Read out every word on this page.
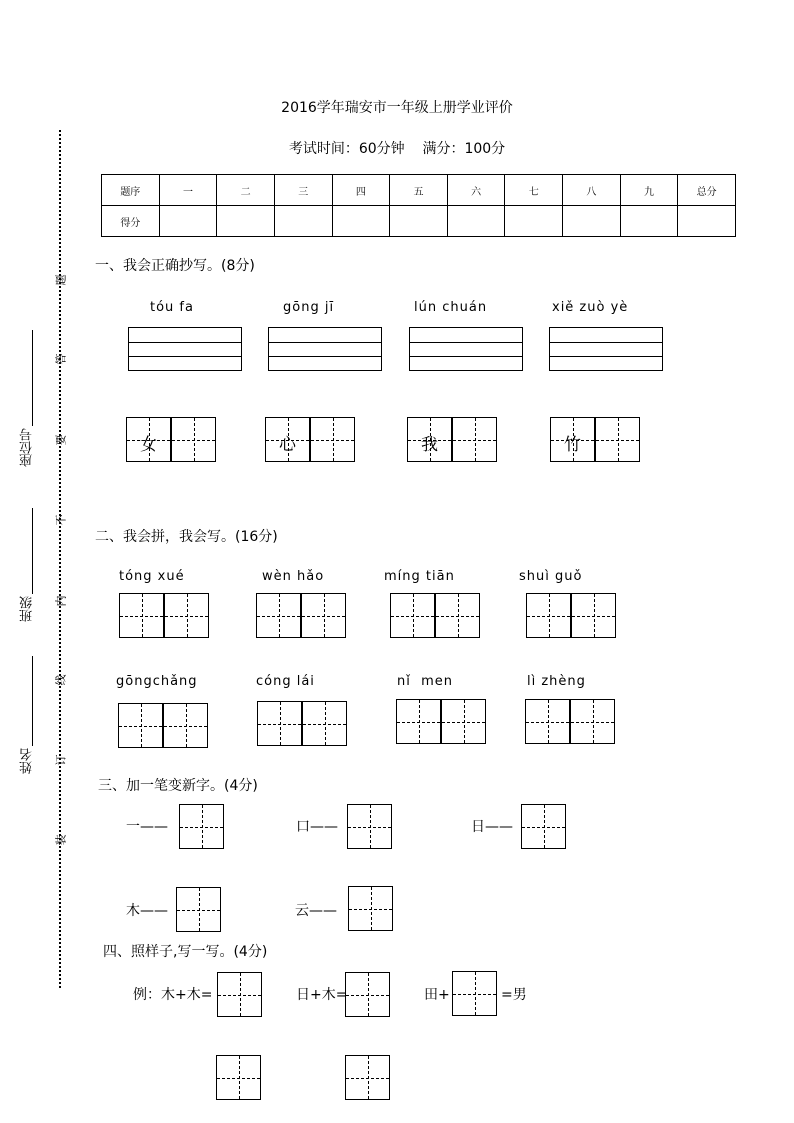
2016学年瑞安市一年级上册学业评价
考试时间：60分钟    满分：100分
题序	一	二	三	四	五	六	七	八	九	总分
得分										
题
答
要
不
内
线
订
装
座位号
班级
姓名
一、我会正确抄写。(8分)
tóu fa	gōng jī	lún chuán	xiě zuò yè
女	心	我	竹
二、我会拼，我会写。(16分)
tóng xué	wèn hǎo	míng tiān	shuì guǒ
gōngchǎng	cóng lái	nǐ  men	lì zhèng
三、加一笔变新字。(4分)
一——	口——	日——
木——	云——
四、照样子,写一写。(4分)
例：木+木=	日+木=	田+	=男
